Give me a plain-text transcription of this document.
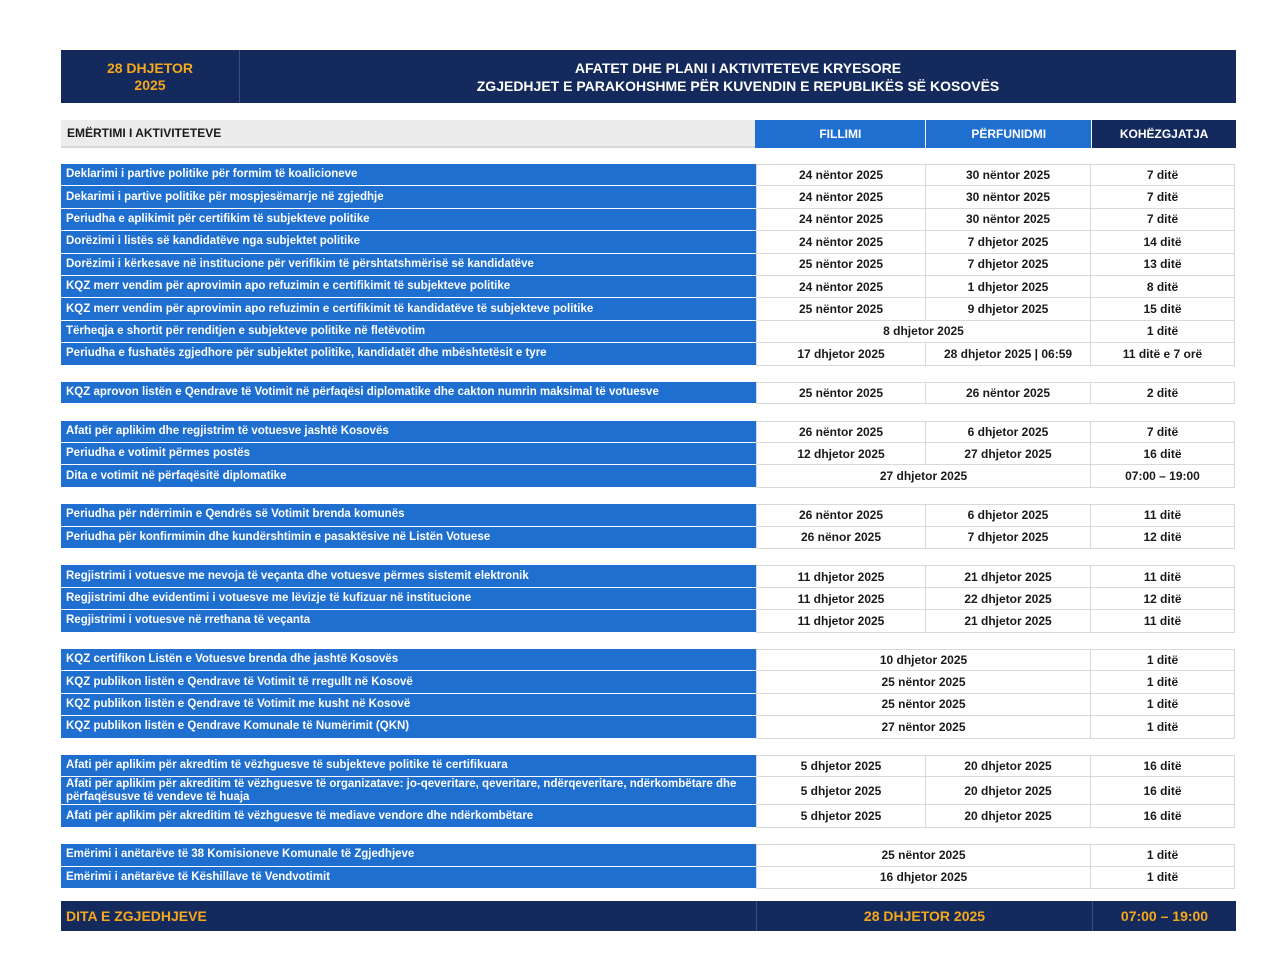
28 DHJETOR
2025
AFATET DHE PLANI I AKTIVITETEVE KRYESORE
ZGJEDHJET E PARAKOHSHME PËR KUVENDIN E REPUBLIKËS SË KOSOVËS
EMËRTIMI I AKTIVITETEVE	FILLIMI	PËRFUNIDMI	KOHËZGJATJA
Deklarimi i partive politike për formim të koalicioneve	24 nëntor 2025	30 nëntor 2025	7 ditë
Dekarimi i partive politike për mospjesëmarrje në zgjedhje	24 nëntor 2025	30 nëntor 2025	7 ditë
Periudha e aplikimit për certifikim të subjekteve politike	24 nëntor 2025	30 nëntor 2025	7 ditë
Dorëzimi i listës së kandidatëve nga subjektet politike	24 nëntor 2025	7 dhjetor 2025	14 ditë
Dorëzimi i kërkesave në institucione për verifikim të përshtatshmërisë së kandidatëve	25 nëntor 2025	7 dhjetor 2025	13 ditë
KQZ merr vendim për aprovimin apo refuzimin e certifikimit të subjekteve politike	24 nëntor 2025	1 dhjetor 2025	8 ditë
KQZ merr vendim për aprovimin apo refuzimin e certifikimit të kandidatëve të subjekteve politike	25 nëntor 2025	9 dhjetor 2025	15 ditë
Tërheqja e shortit për renditjen e subjekteve politike në fletëvotim	8 dhjetor 2025	1 ditë
Periudha e fushatës zgjedhore për subjektet politike, kandidatët dhe mbështetësit e tyre	17 dhjetor 2025	28 dhjetor 2025 | 06:59	11 ditë e 7 orë
KQZ aprovon listën e Qendrave të Votimit në përfaqësi diplomatike dhe cakton numrin maksimal të votuesve	25 nëntor 2025	26 nëntor 2025	2 ditë
Afati për aplikim dhe regjistrim të votuesve jashtë Kosovës	26 nëntor 2025	6 dhjetor 2025	7 ditë
Periudha e votimit përmes postës	12 dhjetor 2025	27 dhjetor 2025	16 ditë
Dita e votimit në përfaqësitë diplomatike	27 dhjetor 2025	07:00 – 19:00
Periudha për ndërrimin e Qendrës së Votimit brenda komunës	26 nëntor 2025	6 dhjetor 2025	11 ditë
Periudha për konfirmimin dhe kundërshtimin e pasaktësive në Listën Votuese	26 nënor 2025	7 dhjetor 2025	12 ditë
Regjistrimi i votuesve me nevoja të veçanta dhe votuesve përmes sistemit elektronik	11 dhjetor 2025	21 dhjetor 2025	11 ditë
Regjistrimi dhe evidentimi i votuesve me lëvizje të kufizuar në institucione	11 dhjetor 2025	22 dhjetor 2025	12 ditë
Regjistrimi i votuesve në rrethana të veçanta	11 dhjetor 2025	21 dhjetor 2025	11 ditë
KQZ certifikon Listën e Votuesve brenda dhe jashtë Kosovës	10 dhjetor 2025	1 ditë
KQZ publikon listën e Qendrave të Votimit të rregullt në Kosovë	25 nëntor 2025	1 ditë
KQZ publikon listën e Qendrave të Votimit me kusht në Kosovë	25 nëntor 2025	1 ditë
KQZ publikon listën e Qendrave Komunale të Numërimit (QKN)	27 nëntor 2025	1 ditë
Afati për aplikim për akredtim të vëzhguesve të subjekteve politike të certifikuara	5 dhjetor 2025	20 dhjetor 2025	16 ditë
Afati për aplikim për akreditim të vëzhguesve të organizatave: jo-qeveritare, qeveritare, ndërqeveritare, ndërkombëtare dhe përfaqësusve të vendeve të huaja	5 dhjetor 2025	20 dhjetor 2025	16 ditë
Afati për aplikim për akreditim të vëzhguesve të mediave vendore dhe ndërkombëtare	5 dhjetor 2025	20 dhjetor 2025	16 ditë
Emërimi i anëtarëve të 38 Komisioneve Komunale të Zgjedhjeve	25 nëntor 2025	1 ditë
Emërimi i anëtarëve të Këshillave të Vendvotimit	16 dhjetor 2025	1 ditë
DITA E ZGJEDHJEVE	28 DHJETOR 2025	07:00 – 19:00
